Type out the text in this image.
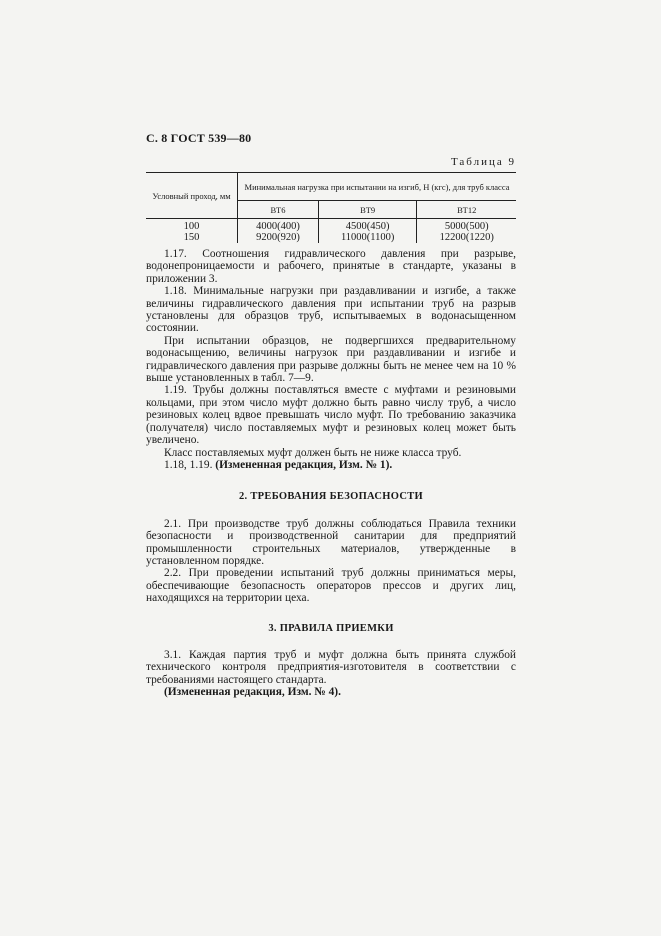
С. 8 ГОСТ 539—80
Таблица 9
Условный проход, мм	Минимальная нагрузка при испытании на изгиб, Н (кгс), для труб класса		
	ВТ6	ВТ9	ВТ12
100	4000(400)	4500(450)	5000(500)
150	9200(920)	11000(1100)	12200(1220)

1.17. Соотношения гидравлического давления при разрыве, водонепроницаемости и рабочего, принятые в стандарте, указаны в приложении 3.

1.18. Минимальные нагрузки при раздавливании и изгибе, а также величины гидравлического давления при испытании труб на разрыв установлены для образцов труб, испытываемых в водонасыщенном состоянии.

При испытании образцов, не подвергшихся предварительному водонасыщению, величины нагрузок при раздавливании и изгибе и гидравлического давления при разрыве должны быть не менее чем на 10 % выше установленных в табл. 7—9.

1.19. Трубы должны поставляться вместе с муфтами и резиновыми кольцами, при этом число муфт должно быть равно числу труб, а число резиновых колец вдвое превышать число муфт. По требованию заказчика (получателя) число поставляемых муфт и резиновых колец может быть увеличено.

Класс поставляемых муфт должен быть не ниже класса труб.

1.18, 1.19. (Измененная редакция, Изм. № 1).

2. ТРЕБОВАНИЯ БЕЗОПАСНОСТИ

2.1. При производстве труб должны соблюдаться Правила техники безопасности и производственной санитарии для предприятий промышленности строительных материалов, утвержденные в установленном порядке.

2.2. При проведении испытаний труб должны приниматься меры, обеспечивающие безопасность операторов прессов и других лиц, находящихся на территории цеха.

3. ПРАВИЛА ПРИЕМКИ

3.1. Каждая партия труб и муфт должна быть принята службой технического контроля предприятия-изготовителя в соответствии с требованиями настоящего стандарта.

(Измененная редакция, Изм. № 4).
